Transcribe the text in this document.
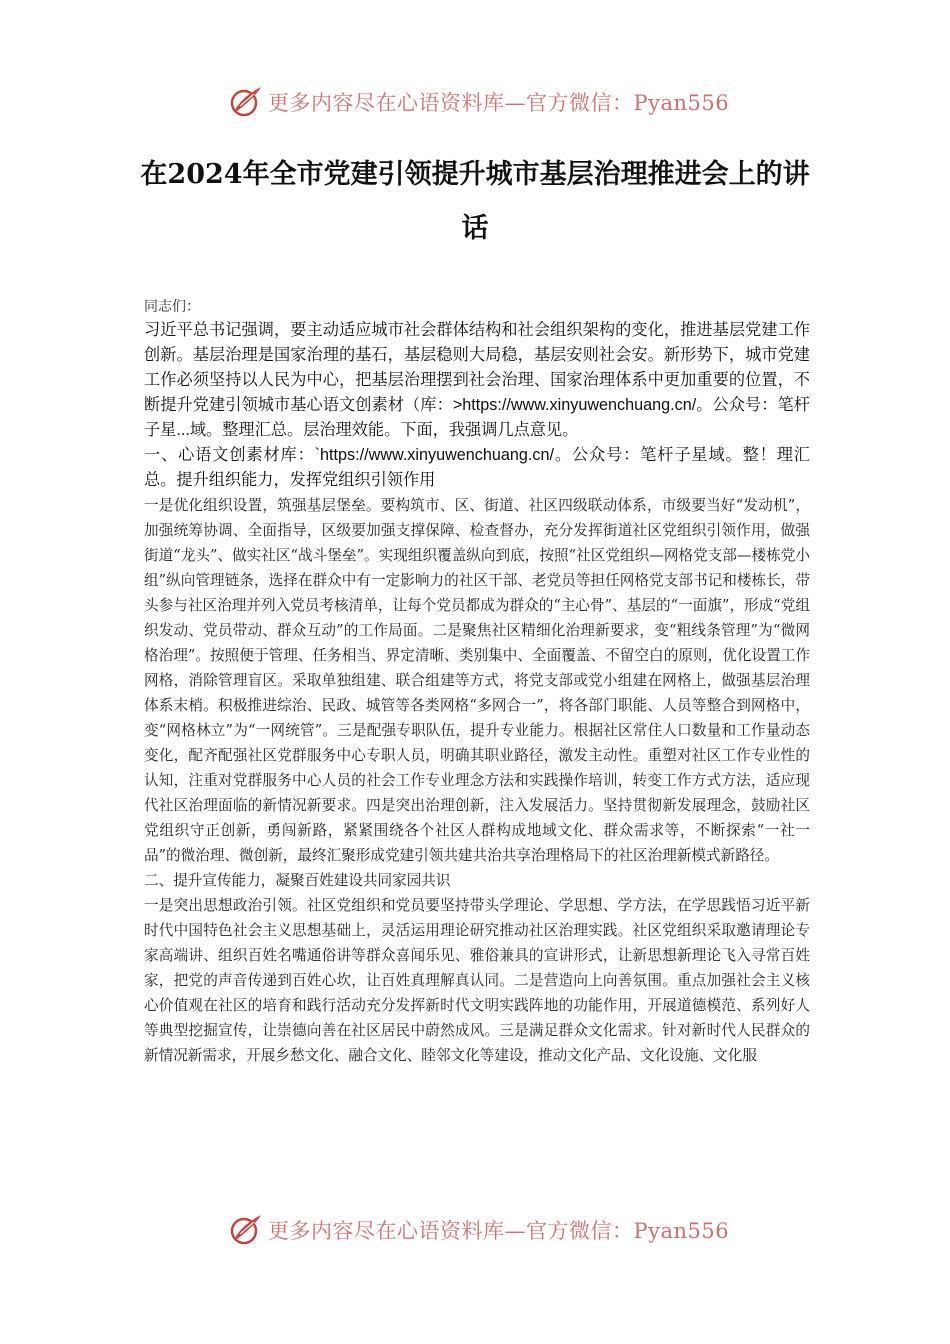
更多内容尽在心语资料库—官方微信：Pyan556
在2024年全市党建引领提升城市基层治理推进会上的讲话

同志们：

习近平总书记强调，要主动适应城市社会群体结构和社会组织架构的变化，推进基层党建工作创新。基层治理是国家治理的基石，基层稳则大局稳，基层安则社会安。新形势下，城市党建工作必须坚持以人民为中心，把基层治理摆到社会治理、国家治理体系中更加重要的位置，不断提升党建引领城市基心语文创素材（库：>https://www.xinyuwenchuang.cn/。公众号：笔杆子星...域。整理汇总。层治理效能。下面，我强调几点意见。

一、心语文创素材库：`https://www.xinyuwenchuang.cn/。公众号：笔杆子星域。整！理汇总。提升组织能力，发挥党组织引领作用

一是优化组织设置，筑强基层堡垒。要构筑市、区、街道、社区四级联动体系，市级要当好“发动机”，加强统筹协调、全面指导，区级要加强支撑保障、检查督办，充分发挥街道社区党组织引领作用，做强街道“龙头”、做实社区“战斗堡垒”。实现组织覆盖纵向到底，按照“社区党组织—网格党支部—楼栋党小组”纵向管理链条，选择在群众中有一定影响力的社区干部、老党员等担任网格党支部书记和楼栋长，带头参与社区治理并列入党员考核清单，让每个党员都成为群众的“主心骨”、基层的“一面旗”，形成“党组织发动、党员带动、群众互动”的工作局面。二是聚焦社区精细化治理新要求，变“粗线条管理”为“微网格治理”。按照便于管理、任务相当、界定清晰、类别集中、全面覆盖、不留空白的原则，优化设置工作网格，消除管理盲区。采取单独组建、联合组建等方式，将党支部或党小组建在网格上，做强基层治理体系末梢。积极推进综治、民政、城管等各类网格“多网合一”，将各部门职能、人员等整合到网格中，变“网格林立”为“一网统管”。三是配强专职队伍，提升专业能力。根据社区常住人口数量和工作量动态变化，配齐配强社区党群服务中心专职人员，明确其职业路径，激发主动性。重塑对社区工作专业性的认知，注重对党群服务中心人员的社会工作专业理念方法和实践操作培训，转变工作方式方法，适应现代社区治理面临的新情况新要求。四是突出治理创新，注入发展活力。坚持贯彻新发展理念，鼓励社区党组织守正创新，勇闯新路，紧紧围绕各个社区人群构成地域文化、群众需求等，不断探索“一社一品”的微治理、微创新，最终汇聚形成党建引领共建共治共享治理格局下的社区治理新模式新路径。

二、提升宣传能力，凝聚百姓建设共同家园共识

一是突出思想政治引领。社区党组织和党员要坚持带头学理论、学思想、学方法，在学思践悟习近平新时代中国特色社会主义思想基础上，灵活运用理论研究推动社区治理实践。社区党组织采取邀请理论专家高端讲、组织百姓名嘴通俗讲等群众喜闻乐见、雅俗兼具的宣讲形式，让新思想新理论飞入寻常百姓家，把党的声音传递到百姓心坎，让百姓真理解真认同。二是营造向上向善氛围。重点加强社会主义核心价值观在社区的培育和践行活动充分发挥新时代文明实践阵地的功能作用，开展道德模范、系列好人等典型挖掘宣传，让崇德向善在社区居民中蔚然成风。三是满足群众文化需求。针对新时代人民群众的新情况新需求，开展乡愁文化、融合文化、睦邻文化等建设，推动文化产品、文化设施、文化服

更多内容尽在心语资料库—官方微信：Pyan556
